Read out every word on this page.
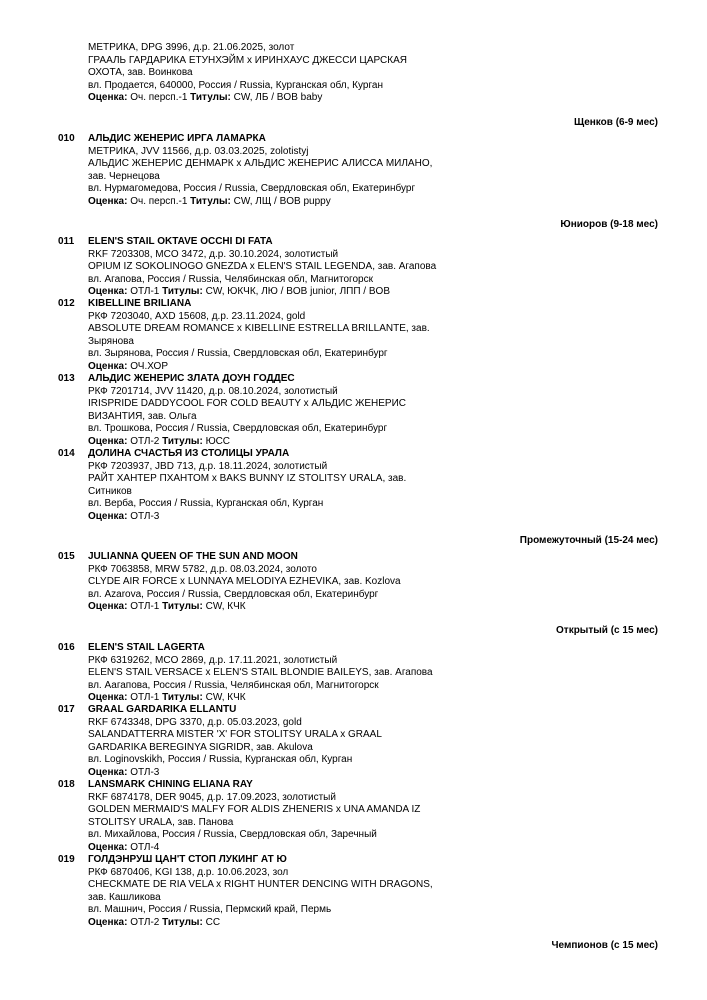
МЕТРИКА, DPG 3996, д.р. 21.06.2025, золот
ГРААЛЬ ГАРДАРИКА ЕТУНХЭЙМ x ИРИНХАУС ДЖЕССИ ЦАРСКАЯ
ОХОТА, зав. Воинкова
вл. Продается, 640000, Россия / Russia, Курганская обл, Курган
Оценка: Оч. персп.-1 Титулы: CW, ЛБ / BOB baby
Щенков (6-9 мес)
010	АЛЬДИС ЖЕНЕРИС ИРГА ЛАМАРКА
МЕТРИКА, JVV 11566, д.р. 03.03.2025, zolotistyj
АЛЬДИС ЖЕНЕРИС ДЕНМАРК x АЛЬДИС ЖЕНЕРИС АЛИССА МИЛАНО,
зав. Чернецова
вл. Нурмагомедова, Россия / Russia, Свердловская обл, Екатеринбург
Оценка: Оч. персп.-1 Титулы: CW, ЛЩ / BOB puppy
Юниоров (9-18 мес)
011	ELEN'S STAIL OKTAVE OCCHI DI FATA
RKF 7203308, MCO 3472, д.р. 30.10.2024, золотистый
OPIUM IZ SOKOLINOGO GNEZDA x ELEN'S STAIL LEGENDA, зав. Агапова
вл. Агапова, Россия / Russia, Челябинская обл, Магнитогорск
Оценка: ОТЛ-1 Титулы: CW, ЮКЧК, ЛЮ / BOB junior, ЛПП / BOB
012	KIBELLINE BRILIANA
РКФ 7203040, AXD 15608, д.р. 23.11.2024, gold
ABSOLUTE DREAM ROMANCE x KIBELLINE ESTRELLA BRILLANTE, зав.
Зырянова
вл. Зырянова, Россия / Russia, Свердловская обл, Екатеринбург
Оценка: ОЧ.ХОР
013	АЛЬДИС ЖЕНЕРИС ЗЛАТА ДОУН ГОДДЕС
РКФ 7201714, JVV 11420, д.р. 08.10.2024, золотистый
IRISPRIDE DADDYCOOL FOR COLD BEAUTY x АЛЬДИС ЖЕНЕРИС
ВИЗАНТИЯ, зав. Ольга
вл. Трошкова, Россия / Russia, Свердловская обл, Екатеринбург
Оценка: ОТЛ-2 Титулы: ЮСС
014	ДОЛИНА СЧАСТЬЯ ИЗ СТОЛИЦЫ УРАЛА
РКФ 7203937, JBD 713, д.р. 18.11.2024, золотистый
РАЙТ ХАНТЕР ПХАНТОМ x BAKS BUNNY IZ STOLITSY URALA, зав.
Ситников
вл. Верба, Россия / Russia, Курганская обл, Курган
Оценка: ОТЛ-3
Промежуточный (15-24 мес)
015	JULIANNA QUEEN OF THE SUN AND MOON
РКФ 7063858, MRW 5782, д.р. 08.03.2024, золото
CLYDE AIR FORCE x LUNNAYA MELODIYA EZHEVIKA, зав. Kozlova
вл. Azarova, Россия / Russia, Свердловская обл, Екатеринбург
Оценка: ОТЛ-1 Титулы: CW, КЧК
Открытый (с 15 мес)
016	ELEN'S STAIL LAGERTA
РКФ 6319262, MCO 2869, д.р. 17.11.2021, золотистый
ELEN'S STAIL VERSACE x ELEN'S STAIL BLONDIE BAILEYS, зав. Агапова
вл. Аагапова, Россия / Russia, Челябинская обл, Магнитогорск
Оценка: ОТЛ-1 Титулы: CW, КЧК
017	GRAAL GARDARIKA ELLANTU
RKF 6743348, DPG 3370, д.р. 05.03.2023, gold
SALANDATTERRA MISTER 'X' FOR STOLITSY URALA x GRAAL
GARDARIKA BEREGINYA SIGRIDR, зав. Akulova
вл. Loginovskikh, Россия / Russia, Курганская обл, Курган
Оценка: ОТЛ-3
018	LANSMARK CHINING ELIANA RAY
RKF 6874178, DER 9045, д.р. 17.09.2023, золотистый
GOLDEN MERMAID'S MALFY FOR ALDIS ZHENERIS x UNA AMANDA IZ
STOLITSY URALA, зав. Панова
вл. Михайлова, Россия / Russia, Свердловская обл, Заречный
Оценка: ОТЛ-4
019	ГОЛДЭНРУШ ЦАН'Т СТОП ЛУКИНГ АТ Ю
РКФ 6870406, KGI 138, д.р. 10.06.2023, зол
CHECKMATE DE RIA VELA x RIGHT HUNTER DENCING WITH DRAGONS,
зав. Кашликова
вл. Машнич, Россия / Russia, Пермский край, Пермь
Оценка: ОТЛ-2 Титулы: СС
Чемпионов (с 15 мес)
